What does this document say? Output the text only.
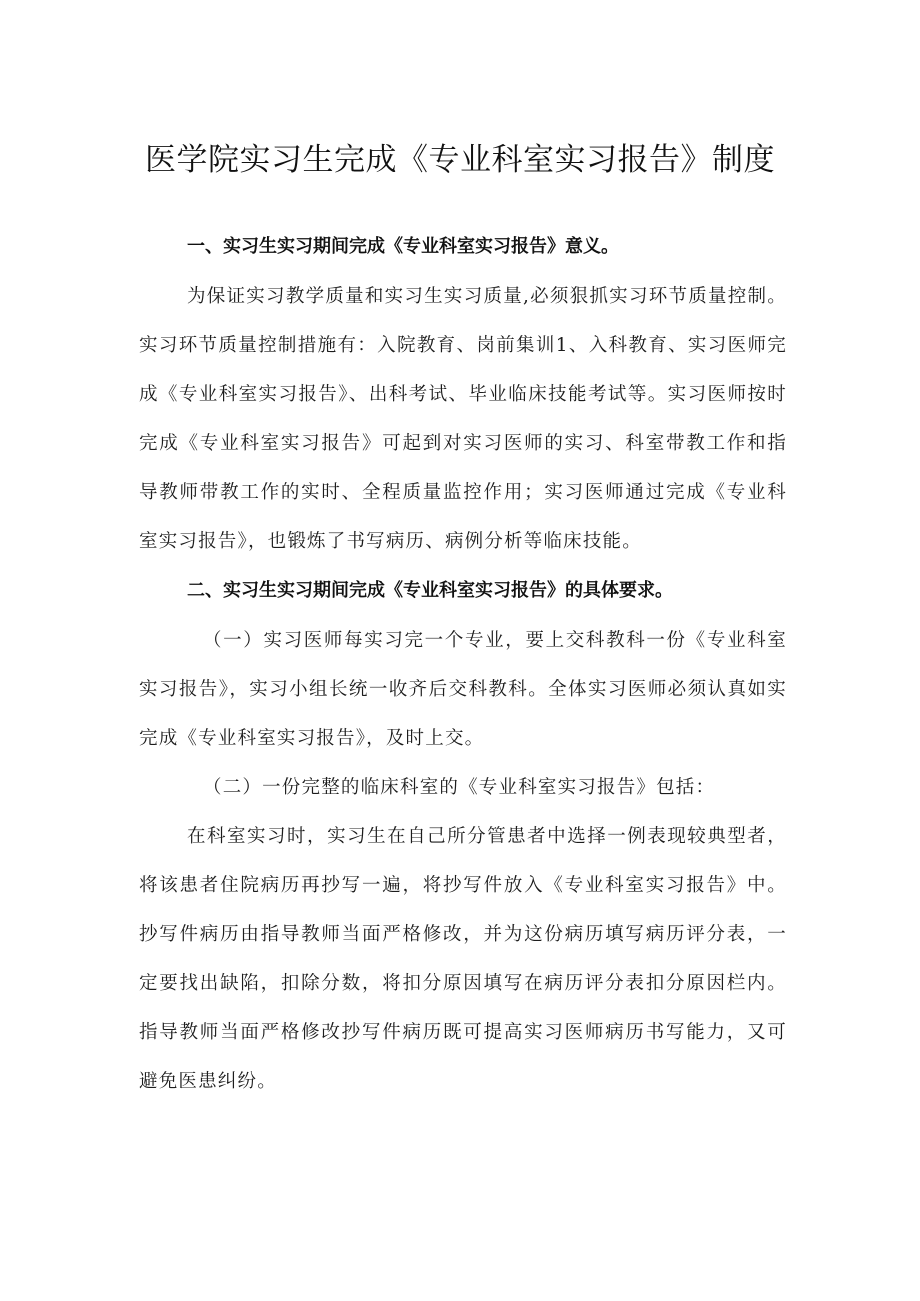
医学院实习生完成《专业科室实习报告》制度

一、实习生实习期间完成《专业科室实习报告》意义。

为保证实习教学质量和实习生实习质量,必须狠抓实习环节质量控制。实习环节质量控制措施有：入院教育、岗前集训1、入科教育、实习医师完成《专业科室实习报告》、出科考试、毕业临床技能考试等。实习医师按时完成《专业科室实习报告》可起到对实习医师的实习、科室带教工作和指导教师带教工作的实时、全程质量监控作用；实习医师通过完成《专业科室实习报告》，也锻炼了书写病历、病例分析等临床技能。

二、实习生实习期间完成《专业科室实习报告》的具体要求。

（一）实习医师每实习完一个专业，要上交科教科一份《专业科室实习报告》，实习小组长统一收齐后交科教科。全体实习医师必须认真如实完成《专业科室实习报告》，及时上交。

（二）一份完整的临床科室的《专业科室实习报告》包括：

在科室实习时，实习生在自己所分管患者中选择一例表现较典型者，将该患者住院病历再抄写一遍，将抄写件放入《专业科室实习报告》中。抄写件病历由指导教师当面严格修改，并为这份病历填写病历评分表，一定要找出缺陷，扣除分数，将扣分原因填写在病历评分表扣分原因栏内。指导教师当面严格修改抄写件病历既可提高实习医师病历书写能力，又可避免医患纠纷。
